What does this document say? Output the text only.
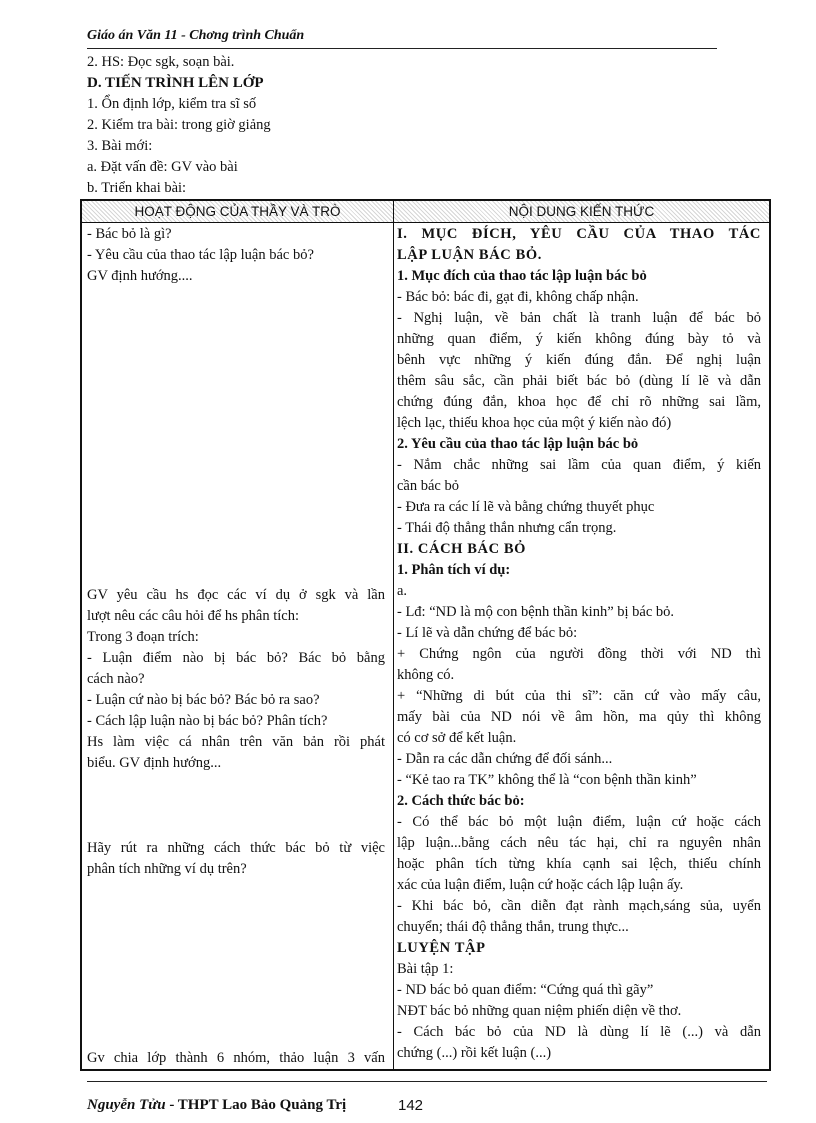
Giáo án Văn 11 - Chơng trình Chuẩn
2. HS: Đọc sgk, soạn bài.
D. TIẾN TRÌNH LÊN LỚP
1. Ổn định lớp, kiểm tra sĩ số
2. Kiểm tra bài: trong giờ giảng
3. Bài mới:
a. Đặt vấn đề: GV vào bài
b. Triển khai bài:
HOẠT ĐỘNG CỦA THẦY VÀ TRÒ	NỘI DUNG KIẾN THỨC
- Bác bỏ là gì?
- Yêu cầu của thao tác lập luận bác bỏ?
GV định hướng....
GV yêu cầu hs đọc các ví dụ ở sgk và lần
lượt nêu các câu hỏi để hs phân tích:
Trong 3 đoạn trích:
- Luận điểm nào bị bác bỏ? Bác bỏ bằng
cách nào?
- Luận cứ nào bị bác bỏ? Bác bỏ ra sao?
- Cách lập luận nào bị bác bỏ? Phân tích?
Hs làm việc cá nhân trên văn bản rồi phát
biểu. GV định hướng...
Hãy rút ra những cách thức bác bỏ từ việc
phân tích những ví dụ trên?
Gv chia lớp thành 6 nhóm, thảo luận 3 vấn
I. MỤC ĐÍCH, YÊU CẦU CỦA THAO TÁC
LẬP LUẬN BÁC BỎ.
1. Mục đích của thao tác lập luận bác bỏ
- Bác bỏ: bác đi, gạt đi, không chấp nhận.
- Nghị luận, về bản chất là tranh luận để bác bỏ
những quan điểm, ý kiến không đúng bày tỏ và
bênh vực những ý kiến đúng đắn. Để nghị luận
thêm sâu sắc, cần phải biết bác bỏ (dùng lí lẽ và dẫn
chứng đúng đắn, khoa học để chỉ rõ những sai lầm,
lệch lạc, thiếu khoa học của một ý kiến nào đó)
2. Yêu cầu của thao tác lập luận bác bỏ
- Nắm chắc những sai lầm của quan điểm, ý kiến
cần bác bỏ
- Đưa ra các lí lẽ và bằng chứng thuyết phục
- Thái độ thẳng thắn nhưng cẩn trọng.
II. CÁCH BÁC BỎ
1. Phân tích ví dụ:
a.
- Lđ: “ND là mộ con bệnh thần kinh” bị bác bỏ.
- Lí lẽ và dẫn chứng để bác bỏ:
+ Chứng ngôn của người đồng thời với ND thì
không có.
+ “Những di bút của thi sĩ”: căn cứ vào mấy câu,
mấy bài của ND nói về âm hồn, ma qủy thì không
có cơ sở để kết luận.
- Dẫn ra các dẫn chứng để đối sánh...
- “Kẻ tao ra TK” không thể là “con bệnh thần kinh”
2. Cách thức bác bỏ:
- Có thể bác bỏ một luận điểm, luận cứ hoặc cách
lập luận...bằng cách nêu tác hại, chỉ ra nguyên nhân
hoặc phân tích từng khía cạnh sai lệch, thiếu chính
xác của luận điểm, luận cứ hoặc cách lập luận ấy.
- Khi bác bỏ, cần diễn đạt rành mạch,sáng sủa, uyển
chuyển; thái độ thẳng thắn, trung thực...
LUYỆN TẬP
Bài tập 1:
- ND bác bỏ quan điểm: “Cứng quá thì gãy”
NĐT bác bỏ những quan niệm phiến diện về thơ.
- Cách bác bỏ của ND là dùng lí lẽ (...) và dẫn
chứng (...) rồi kết luận (...)
Nguyễn Tửu - THPT Lao Bảo Quảng Trị	142
